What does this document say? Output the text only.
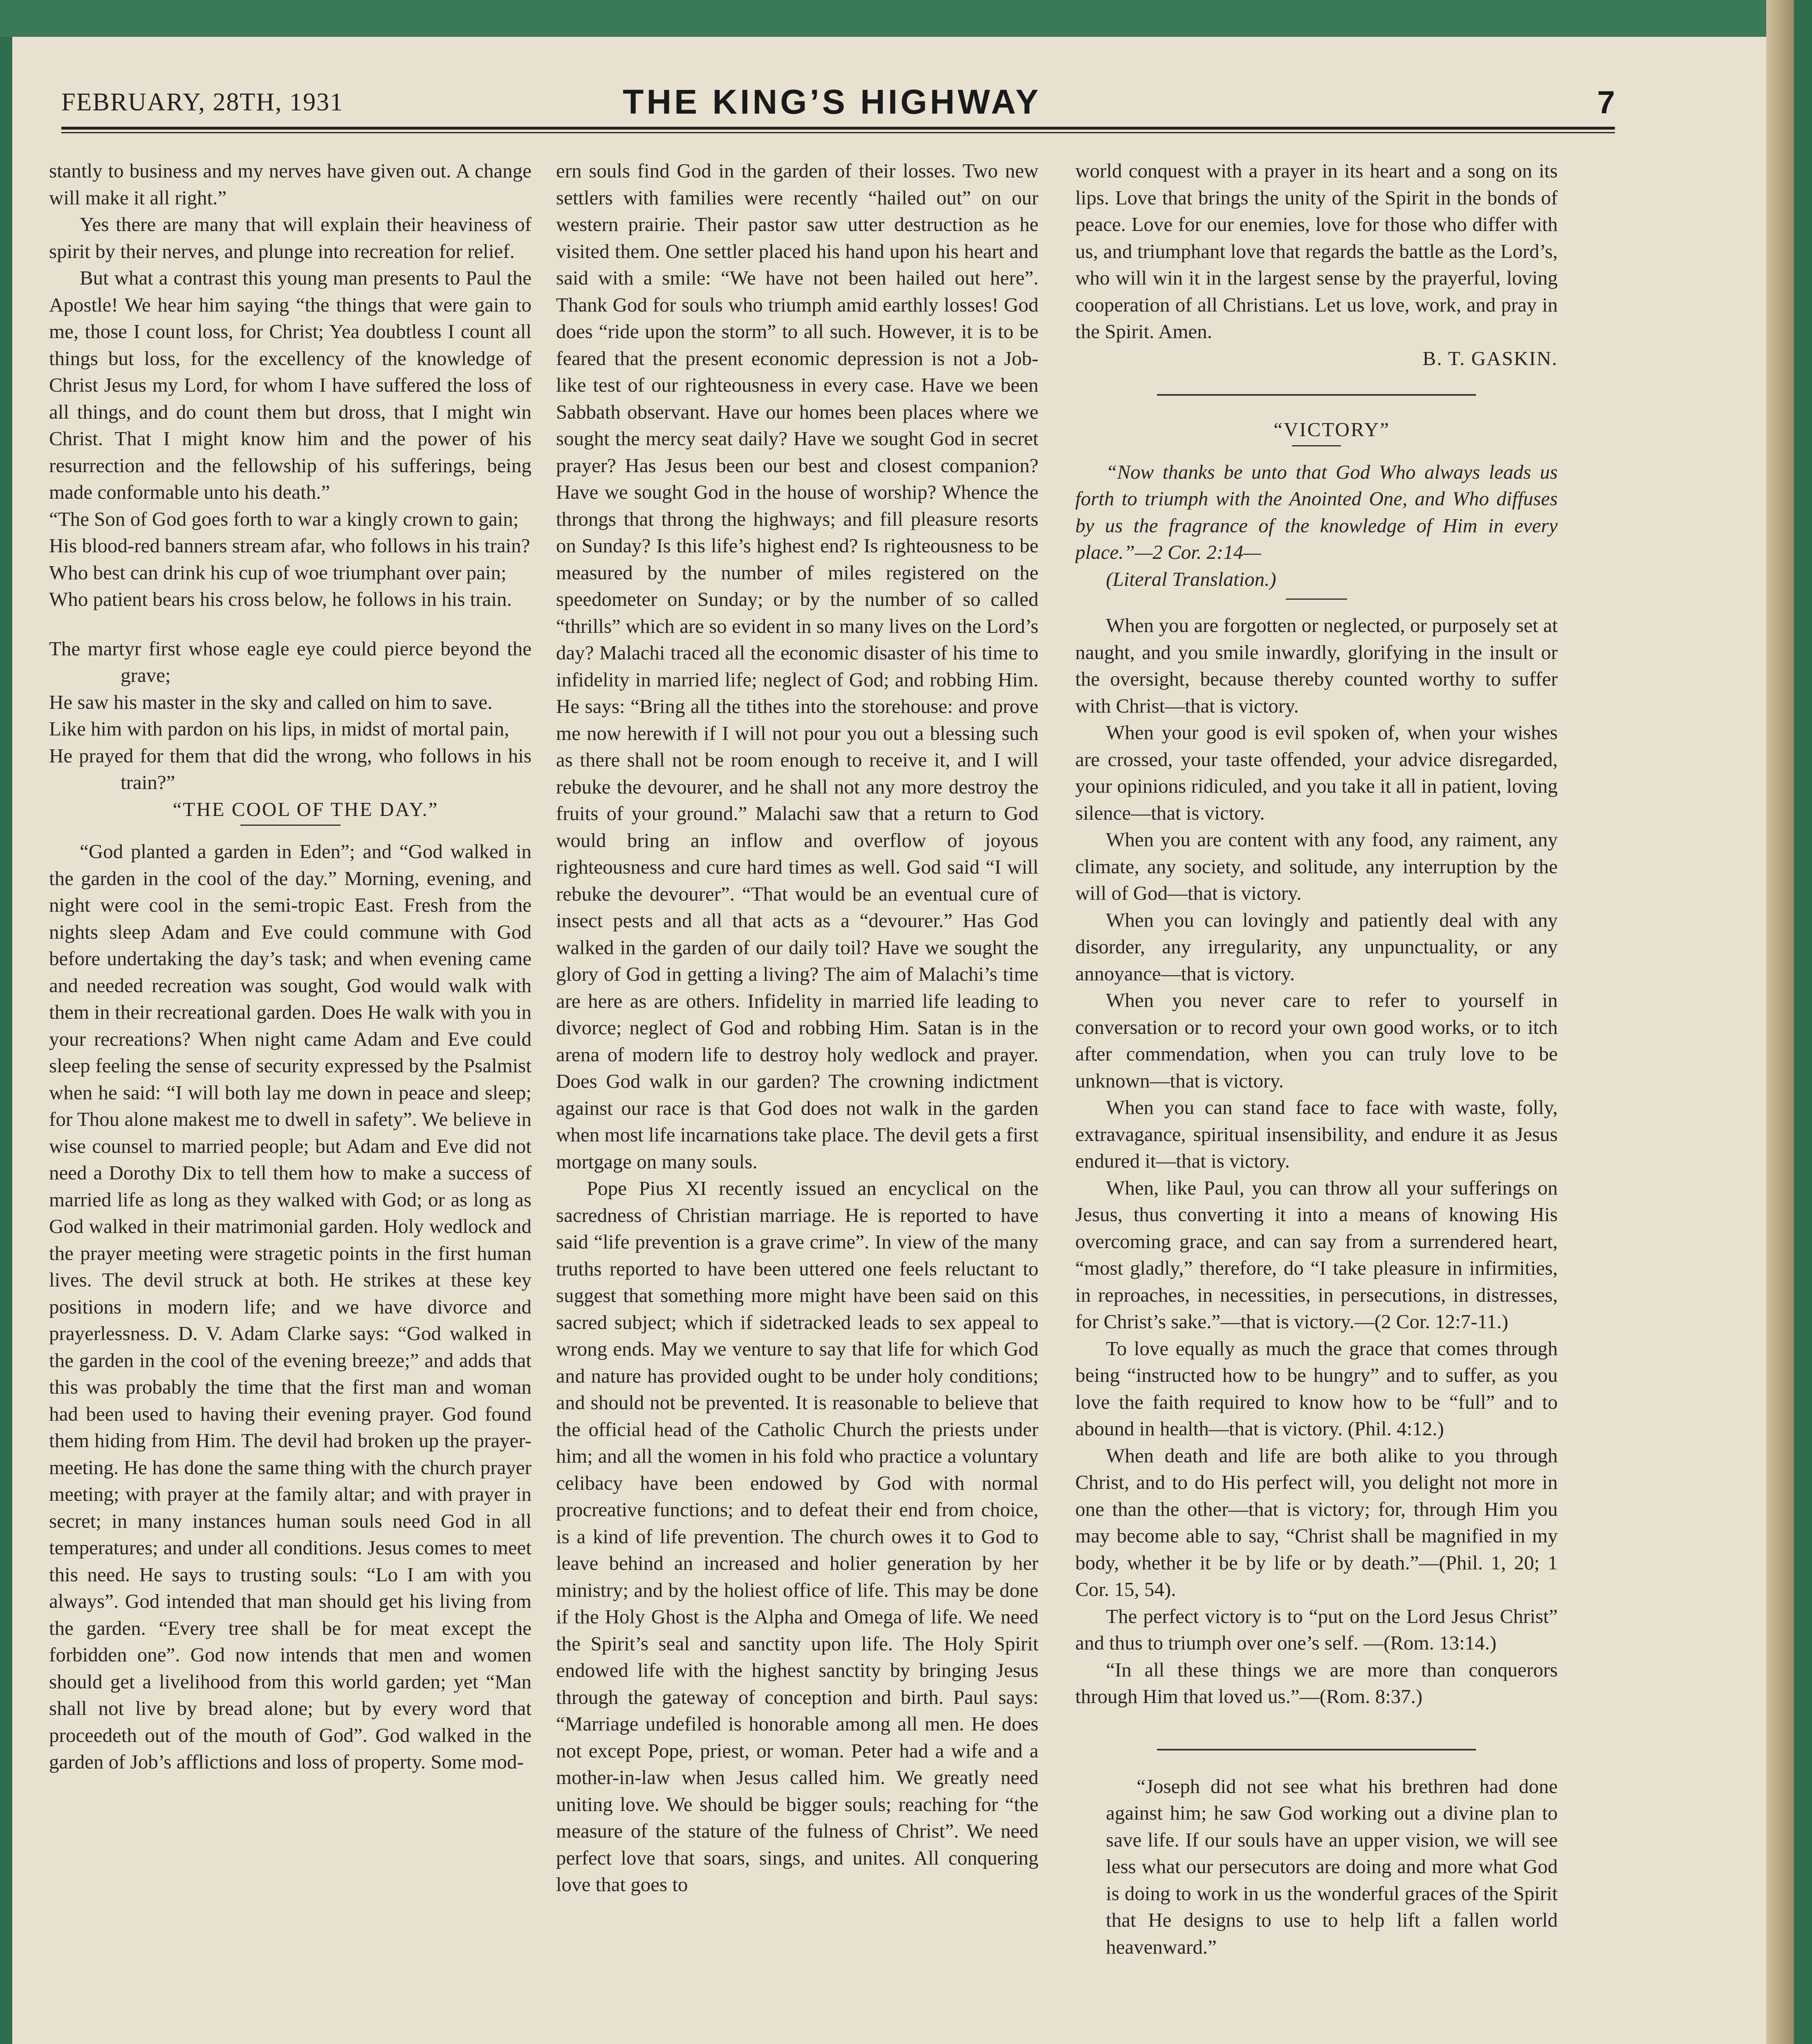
FEBRUARY, 28TH, 1931	THE KING’S HIGHWAY	7

stantly to business and my nerves have given out. A change will make it all right.”

Yes there are many that will explain their heaviness of spirit by their nerves, and plunge into recreation for relief.

But what a contrast this young man presents to Paul the Apostle! We hear him saying “the things that were gain to me, those I count loss, for Christ; Yea doubtless I count all things but loss, for the excellency of the knowledge of Christ Jesus my Lord, for whom I have suffered the loss of all things, and do count them but dross, that I might win Christ. That I might know him and the power of his resurrection and the fellowship of his sufferings, being made conformable unto his death.”

“The Son of God goes forth to war a kingly crown to gain;

His blood-red banners stream afar, who follows in his train?

Who best can drink his cup of woe triumphant over pain;

Who patient bears his cross below, he follows in his train.

The martyr first whose eagle eye could pierce beyond the grave;

He saw his master in the sky and called on him to save.

Like him with pardon on his lips, in midst of mortal pain,

He prayed for them that did the wrong, who follows in his train?”

“THE COOL OF THE DAY.”

“God planted a garden in Eden”; and “God walked in the garden in the cool of the day.” Morning, evening, and night were cool in the semi-tropic East. Fresh from the nights sleep Adam and Eve could commune with God before undertaking the day’s task; and when evening came and needed recreation was sought, God would walk with them in their recreational garden. Does He walk with you in your recreations? When night came Adam and Eve could sleep feeling the sense of security expressed by the Psalmist when he said: “I will both lay me down in peace and sleep; for Thou alone makest me to dwell in safety”. We believe in wise counsel to married people; but Adam and Eve did not need a Dorothy Dix to tell them how to make a success of married life as long as they walked with God; or as long as God walked in their matrimonial garden. Holy wedlock and the prayer meeting were stragetic points in the first human lives. The devil struck at both. He strikes at these key positions in modern life; and we have divorce and prayerlessness. D. V. Adam Clarke says: “God walked in the garden in the cool of the evening breeze;” and adds that this was probably the time that the first man and woman had been used to having their evening prayer. God found them hiding from Him. The devil had broken up the prayer-meeting. He has done the same thing with the church prayer meeting; with prayer at the family altar; and with prayer in secret; in many instances human souls need God in all temperatures; and under all conditions. Jesus comes to meet this need. He says to trusting souls: “Lo I am with you always”. God intended that man should get his living from the garden. “Every tree shall be for meat except the forbidden one”. God now intends that men and women should get a livelihood from this world garden; yet “Man shall not live by bread alone; but by every word that proceedeth out of the mouth of God”. God walked in the garden of Job’s afflictions and loss of property. Some mod-

ern souls find God in the garden of their losses. Two new settlers with families were recently “hailed out” on our western prairie. Their pastor saw utter destruction as he visited them. One settler placed his hand upon his heart and said with a smile: “We have not been hailed out here”. Thank God for souls who triumph amid earthly losses! God does “ride upon the storm” to all such. However, it is to be feared that the present economic depression is not a Job-like test of our righteousness in every case. Have we been Sabbath observant. Have our homes been places where we sought the mercy seat daily? Have we sought God in secret prayer? Has Jesus been our best and closest companion? Have we sought God in the house of worship? Whence the throngs that throng the highways; and fill pleasure resorts on Sunday? Is this life’s highest end? Is righteousness to be measured by the number of miles registered on the speedometer on Sunday; or by the number of so called “thrills” which are so evident in so many lives on the Lord’s day? Malachi traced all the economic disaster of his time to infidelity in married life; neglect of God; and robbing Him. He says: “Bring all the tithes into the storehouse: and prove me now herewith if I will not pour you out a blessing such as there shall not be room enough to receive it, and I will rebuke the devourer, and he shall not any more destroy the fruits of your ground.” Malachi saw that a return to God would bring an inflow and overflow of joyous righteousness and cure hard times as well. God said “I will rebuke the devourer”. “That would be an eventual cure of insect pests and all that acts as a “devourer.” Has God walked in the garden of our daily toil? Have we sought the glory of God in getting a living? The aim of Malachi’s time are here as are others. Infidelity in married life leading to divorce; neglect of God and robbing Him. Satan is in the arena of modern life to destroy holy wedlock and prayer. Does God walk in our garden? The crowning indictment against our race is that God does not walk in the garden when most life incarnations take place. The devil gets a first mortgage on many souls.

Pope Pius XI recently issued an encyclical on the sacredness of Christian marriage. He is reported to have said “life prevention is a grave crime”. In view of the many truths reported to have been uttered one feels reluctant to suggest that something more might have been said on this sacred subject; which if sidetracked leads to sex appeal to wrong ends. May we venture to say that life for which God and nature has provided ought to be under holy conditions; and should not be prevented. It is reasonable to believe that the official head of the Catholic Church the priests under him; and all the women in his fold who practice a voluntary celibacy have been endowed by God with normal procreative functions; and to defeat their end from choice, is a kind of life prevention. The church owes it to God to leave behind an increased and holier generation by her ministry; and by the holiest office of life. This may be done if the Holy Ghost is the Alpha and Omega of life. We need the Spirit’s seal and sanctity upon life. The Holy Spirit endowed life with the highest sanctity by bringing Jesus through the gateway of conception and birth. Paul says: “Marriage undefiled is honorable among all men. He does not except Pope, priest, or woman. Peter had a wife and a mother-in-law when Jesus called him. We greatly need uniting love. We should be bigger souls; reaching for “the measure of the stature of the fulness of Christ”. We need perfect love that soars, sings, and unites. All conquering love that goes to

world conquest with a prayer in its heart and a song on its lips. Love that brings the unity of the Spirit in the bonds of peace. Love for our enemies, love for those who differ with us, and triumphant love that regards the battle as the Lord’s, who will win it in the largest sense by the prayerful, loving cooperation of all Christians. Let us love, work, and pray in the Spirit. Amen.

B. T. GASKIN.

“VICTORY”

“Now thanks be unto that God Who always leads us forth to triumph with the Anointed One, and Who diffuses by us the fragrance of the knowledge of Him in every place.”—2 Cor. 2:14—

(Literal Translation.)

When you are forgotten or neglected, or purposely set at naught, and you smile inwardly, glorifying in the insult or the oversight, because thereby counted worthy to suffer with Christ—that is victory.

When your good is evil spoken of, when your wishes are crossed, your taste offended, your advice disregarded, your opinions ridiculed, and you take it all in patient, loving silence—that is victory.

When you are content with any food, any raiment, any climate, any society, and solitude, any interruption by the will of God—that is victory.

When you can lovingly and patiently deal with any disorder, any irregularity, any unpunctuality, or any annoyance—that is victory.

When you never care to refer to yourself in conversation or to record your own good works, or to itch after commendation, when you can truly love to be unknown—that is victory.

When you can stand face to face with waste, folly, extravagance, spiritual insensibility, and endure it as Jesus endured it—that is victory.

When, like Paul, you can throw all your sufferings on Jesus, thus converting it into a means of knowing His overcoming grace, and can say from a surrendered heart, “most gladly,” therefore, do “I take pleasure in infirmities, in reproaches, in necessities, in persecutions, in distresses, for Christ’s sake.”—that is victory.—(2 Cor. 12:7-11.)

To love equally as much the grace that comes through being “instructed how to be hungry” and to suffer, as you love the faith required to know how to be “full” and to abound in health—that is victory. (Phil. 4:12.)

When death and life are both alike to you through Christ, and to do His perfect will, you delight not more in one than the other—that is victory; for, through Him you may become able to say, “Christ shall be magnified in my body, whether it be by life or by death.”—(Phil. 1, 20; 1 Cor. 15, 54).

The perfect victory is to “put on the Lord Jesus Christ” and thus to triumph over one’s self. —(Rom. 13:14.)

“In all these things we are more than conquerors through Him that loved us.”—(Rom. 8:37.)

“Joseph did not see what his brethren had done against him; he saw God working out a divine plan to save life. If our souls have an upper vision, we will see less what our persecutors are doing and more what God is doing to work in us the wonderful graces of the Spirit that He designs to use to help lift a fallen world heavenward.”
